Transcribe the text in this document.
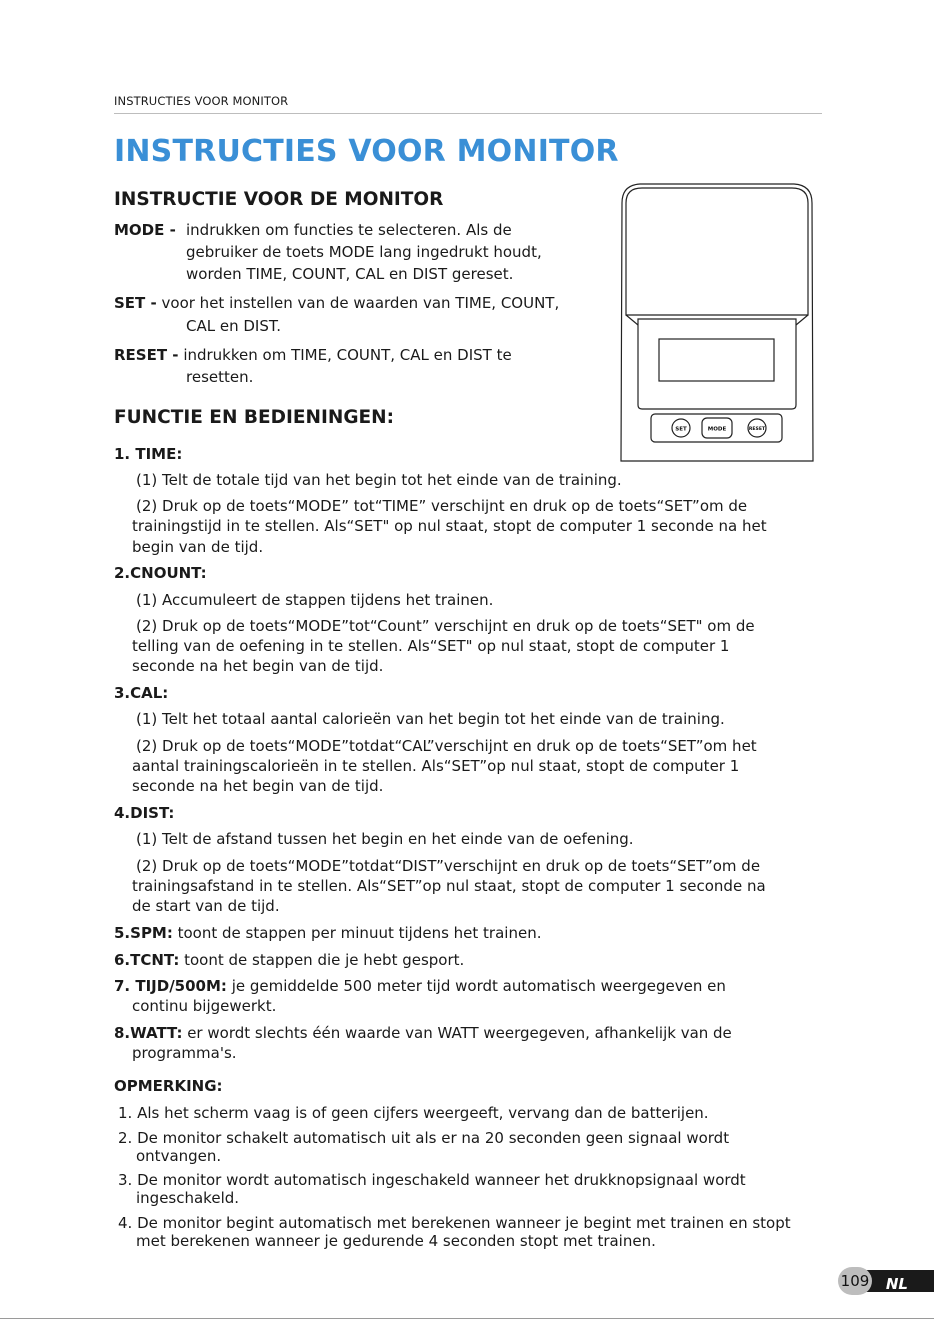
INSTRUCTIES VOOR MONITOR
INSTRUCTIES VOOR MONITOR
INSTRUCTIE VOOR DE MONITOR
MODE - indrukken om functies te selecteren. Als de
gebruiker de toets MODE lang ingedrukt houdt,
worden TIME, COUNT, CAL en DIST gereset.
SET - voor het instellen van de waarden van TIME, COUNT,
CAL en DIST.
RESET - indrukken om TIME, COUNT, CAL en DIST te
resetten.
SET	MODE	RESET
FUNCTIE EN BEDIENINGEN:
1. TIME:
(1) Telt de totale tijd van het begin tot het einde van de training.
(2) Druk op de toets“MODE” tot“TIME” verschijnt en druk op de toets“SET”om de
trainingstijd in te stellen. Als“SET" op nul staat, stopt de computer 1 seconde na het
begin van de tijd.
2.CNOUNT:
(1) Accumuleert de stappen tijdens het trainen.
(2) Druk op de toets“MODE”tot“Count” verschijnt en druk op de toets“SET" om de
telling van de oefening in te stellen. Als“SET" op nul staat, stopt de computer 1
seconde na het begin van de tijd.
3.CAL:
(1) Telt het totaal aantal calorieën van het begin tot het einde van de training.
(2) Druk op de toets“MODE”totdat“CAL”verschijnt en druk op de toets“SET”om het
aantal trainingscalorieën in te stellen. Als“SET”op nul staat, stopt de computer 1
seconde na het begin van de tijd.
4.DIST:
(1) Telt de afstand tussen het begin en het einde van de oefening.
(2) Druk op de toets“MODE”totdat“DIST”verschijnt en druk op de toets“SET”om de
trainingsafstand in te stellen. Als“SET”op nul staat, stopt de computer 1 seconde na
de start van de tijd.
5.SPM: toont de stappen per minuut tijdens het trainen.
6.TCNT: toont de stappen die je hebt gesport.
7. TIJD/500M: je gemiddelde 500 meter tijd wordt automatisch weergegeven en
continu bijgewerkt.
8.WATT: er wordt slechts één waarde van WATT weergegeven, afhankelijk van de
programma's.
OPMERKING:
1. Als het scherm vaag is of geen cijfers weergeeft, vervang dan de batterijen.
2. De monitor schakelt automatisch uit als er na 20 seconden geen signaal wordt
ontvangen.
3. De monitor wordt automatisch ingeschakeld wanneer het drukknopsignaal wordt
ingeschakeld.
4. De monitor begint automatisch met berekenen wanneer je begint met trainen en stopt
met berekenen wanneer je gedurende 4 seconden stopt met trainen.
NL
109
